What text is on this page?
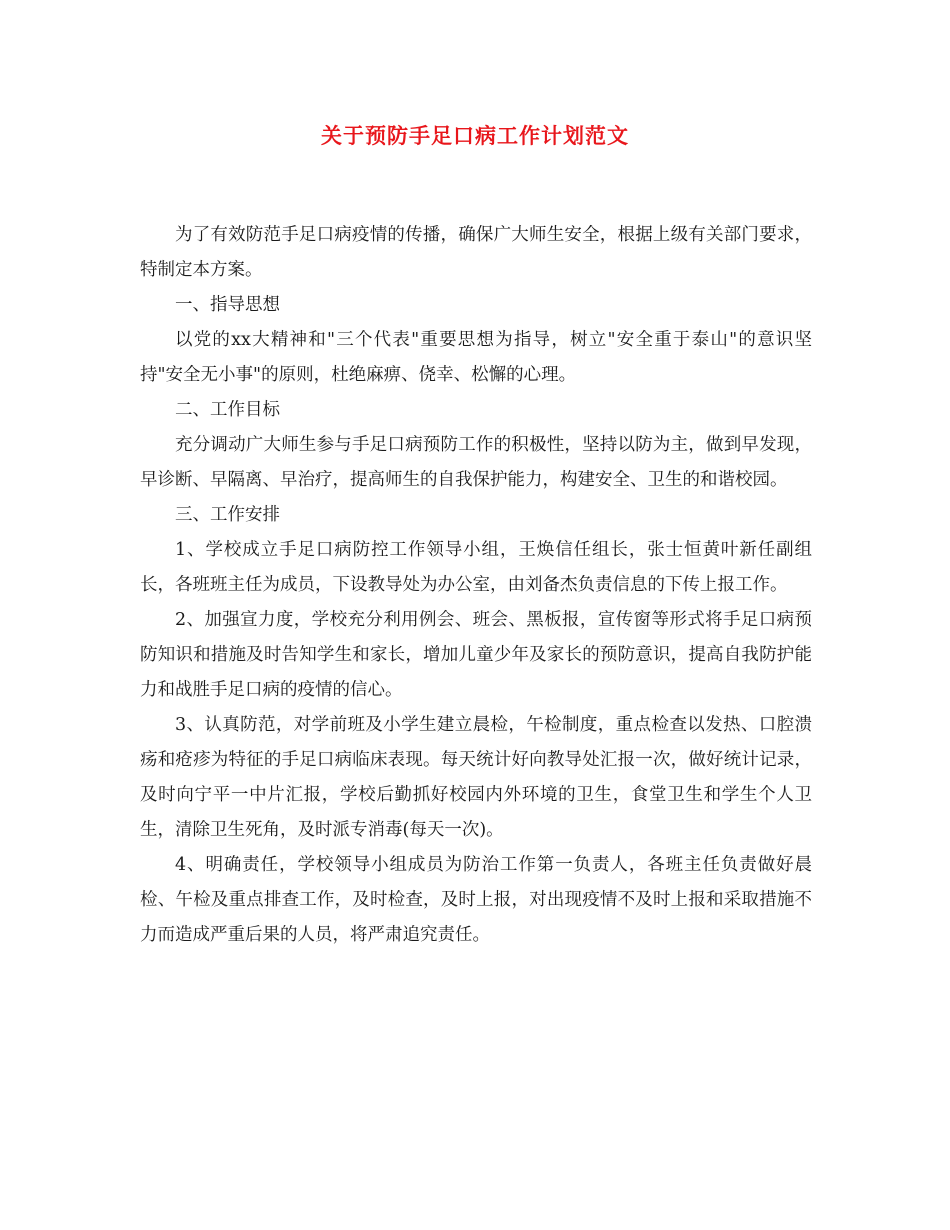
关于预防手足口病工作计划范文

为了有效防范手足口病疫情的传播，确保广大师生安全，根据上级有关部门要求，特制定本方案。

一、指导思想

以党的xx大精神和"三个代表"重要思想为指导，树立"安全重于泰山"的意识坚持"安全无小事"的原则，杜绝麻痹、侥幸、松懈的心理。

二、工作目标

充分调动广大师生参与手足口病预防工作的积极性，坚持以防为主，做到早发现，早诊断、早隔离、早治疗，提高师生的自我保护能力，构建安全、卫生的和谐校园。

三、工作安排

1、学校成立手足口病防控工作领导小组，王焕信任组长，张士恒黄叶新任副组长，各班班主任为成员，下设教导处为办公室，由刘备杰负责信息的下传上报工作。

2、加强宣力度，学校充分利用例会、班会、黑板报，宣传窗等形式将手足口病预防知识和措施及时告知学生和家长，增加儿童少年及家长的预防意识，提高自我防护能力和战胜手足口病的疫情的信心。

3、认真防范，对学前班及小学生建立晨检，午检制度，重点检查以发热、口腔溃疡和疮疹为特征的手足口病临床表现。每天统计好向教导处汇报一次，做好统计记录，及时向宁平一中片汇报，学校后勤抓好校园内外环境的卫生，食堂卫生和学生个人卫生，清除卫生死角，及时派专消毒(每天一次)。

4、明确责任，学校领导小组成员为防治工作第一负责人，各班主任负责做好晨检、午检及重点排查工作，及时检查，及时上报，对出现疫情不及时上报和采取措施不力而造成严重后果的人员，将严肃追究责任。
